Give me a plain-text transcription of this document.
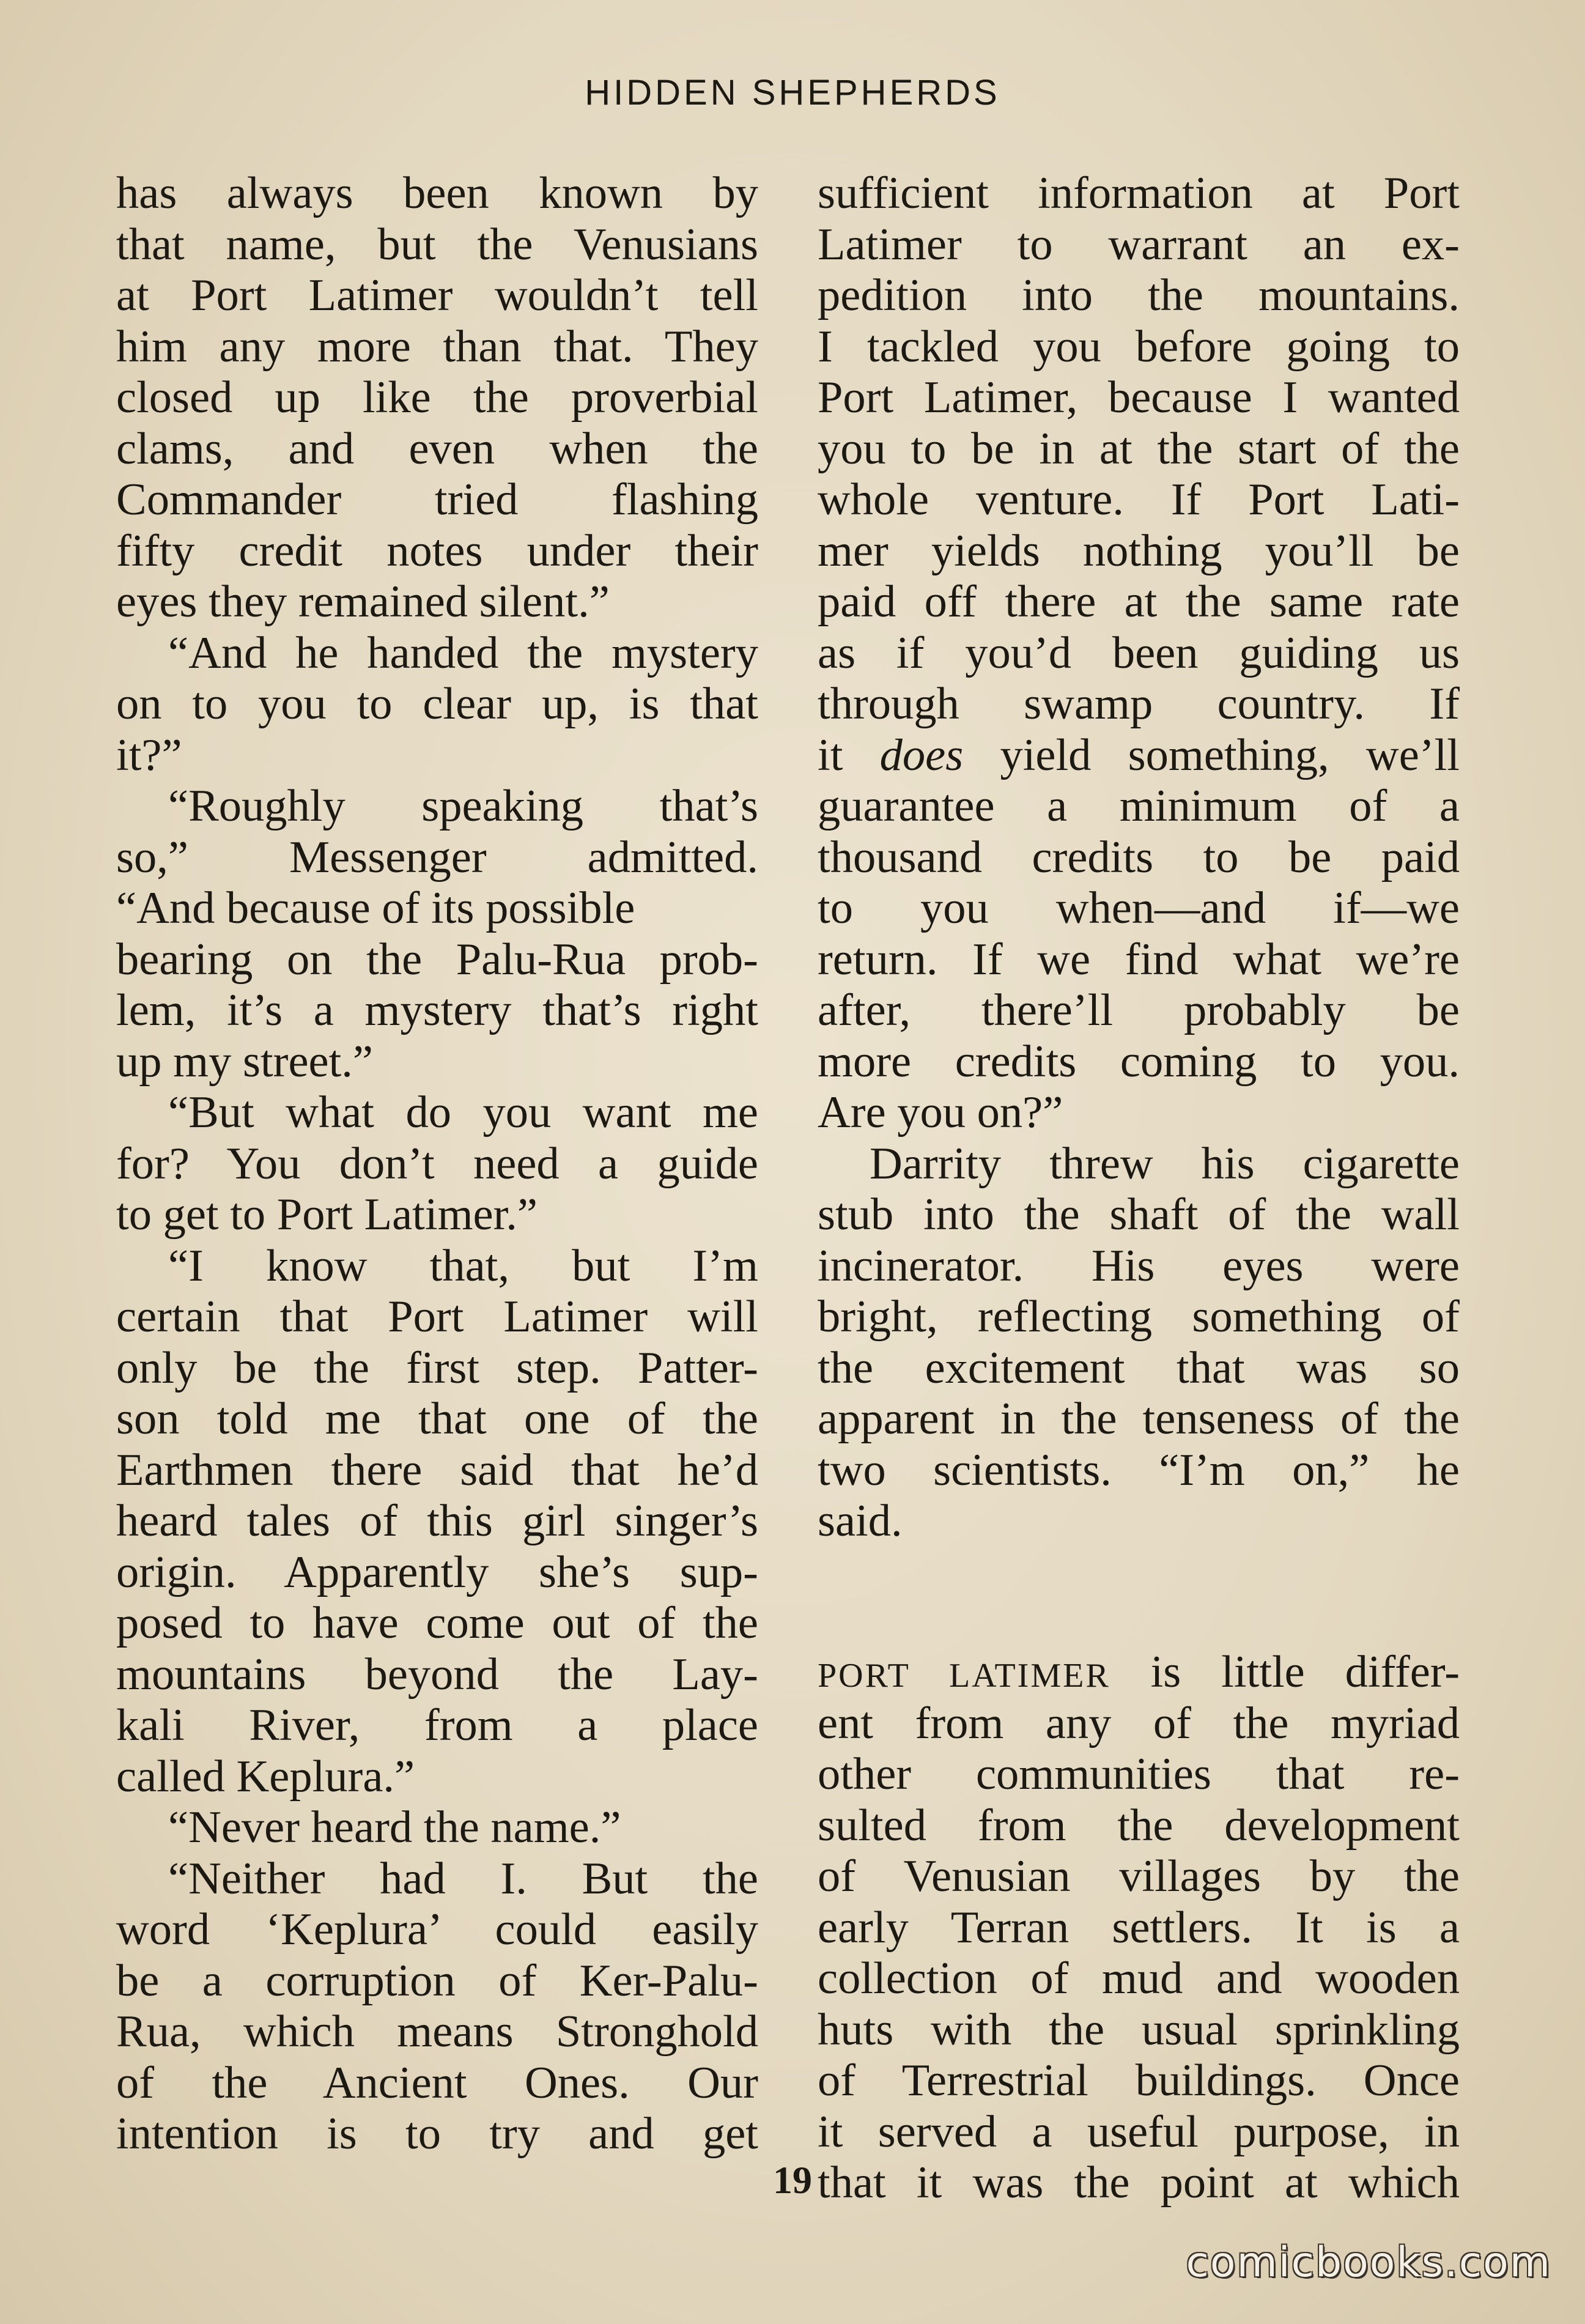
HIDDEN SHEPHERDS
has always been known by
that name, but the Venusians
at Port Latimer wouldn’t tell
him any more than that. They
closed up like the proverbial
clams, and even when the
Commander tried flashing
fifty credit notes under their
eyes they remained silent.”
“And he handed the mystery
on to you to clear up, is that
it?”
“Roughly speaking that’s
so,” Messenger admitted.
“And because of its possible
bearing on the Palu-Rua prob-
lem, it’s a mystery that’s right
up my street.”
“But what do you want me
for? You don’t need a guide
to get to Port Latimer.”
“I know that, but I’m
certain that Port Latimer will
only be the first step. Patter-
son told me that one of the
Earthmen there said that he’d
heard tales of this girl singer’s
origin. Apparently she’s sup-
posed to have come out of the
mountains beyond the Lay-
kali River, from a place
called Keplura.”
“Never heard the name.”
“Neither had I. But the
word ‘Keplura’ could easily
be a corruption of Ker-Palu-
Rua, which means Stronghold
of the Ancient Ones. Our
intention is to try and get
sufficient information at Port
Latimer to warrant an ex-
pedition into the mountains.
I tackled you before going to
Port Latimer, because I wanted
you to be in at the start of the
whole venture. If Port Lati-
mer yields nothing you’ll be
paid off there at the same rate
as if you’d been guiding us
through swamp country. If
it does yield something, we’ll
guarantee a minimum of a
thousand credits to be paid
to you when—and if—we
return. If we find what we’re
after, there’ll probably be
more credits coming to you.
Are you on?”
Darrity threw his cigarette
stub into the shaft of the wall
incinerator. His eyes were
bright, reflecting something of
the excitement that was so
apparent in the tenseness of the
two scientists. “I’m on,” he
said.
PORT LATIMER is little differ-
ent from any of the myriad
other communities that re-
sulted from the development
of Venusian villages by the
early Terran settlers. It is a
collection of mud and wooden
huts with the usual sprinkling
of Terrestrial buildings. Once
it served a useful purpose, in
that it was the point at which
19
comicbooks.com
